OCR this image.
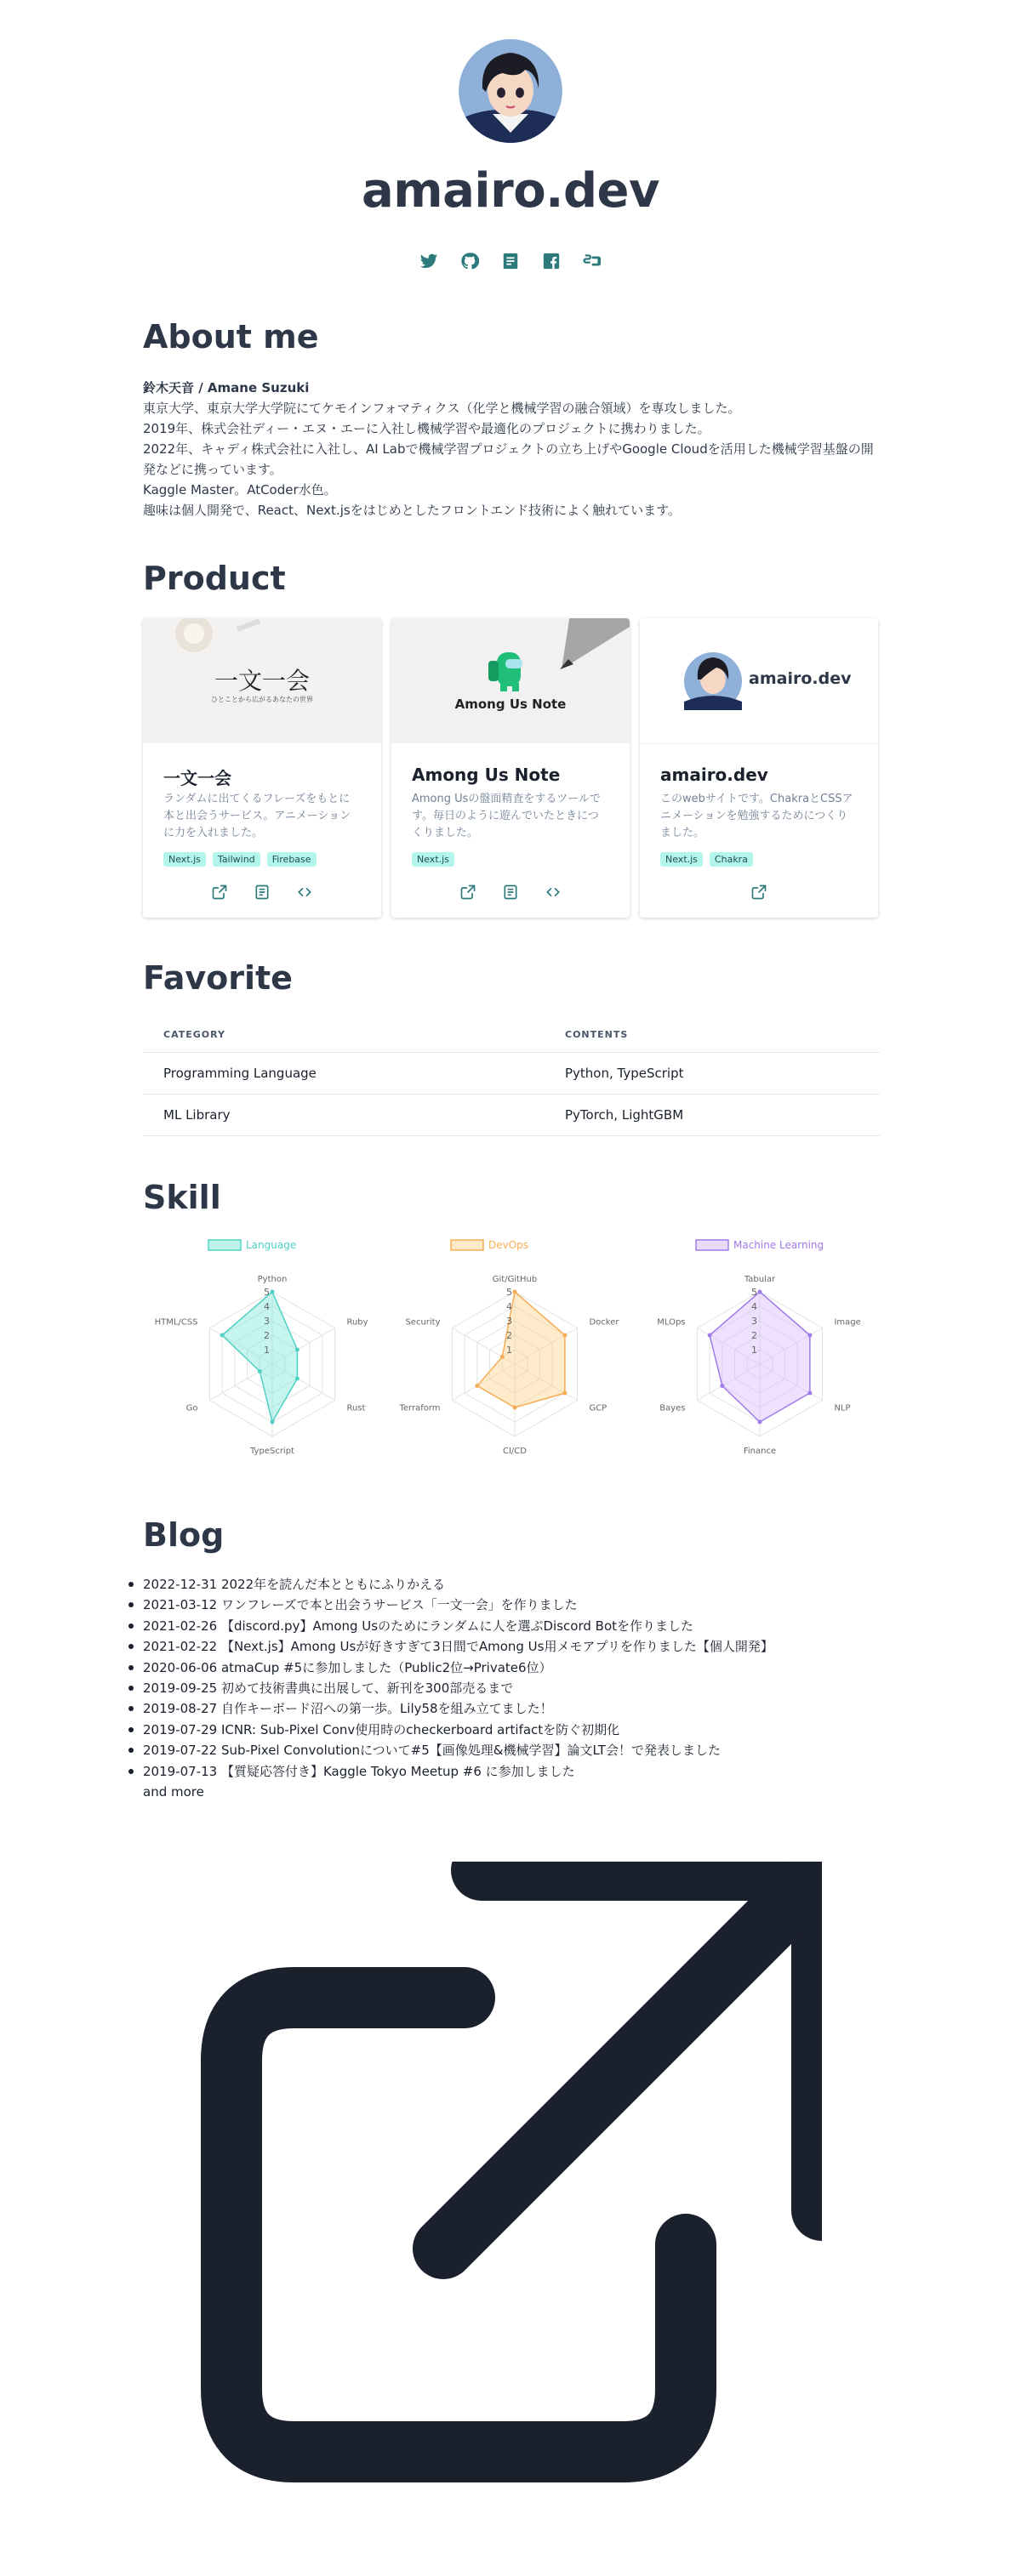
amairo.dev
About me

鈴木天音 / Amane Suzuki

東京大学、東京大学大学院にてケモインフォマティクス（化学と機械学習の融合領域）を専攻しました。

2019年、株式会社ディー・エヌ・エーに入社し機械学習や最適化のプロジェクトに携わりました。

2022年、キャディ株式会社に入社し、AI Labで機械学習プロジェクトの立ち上げやGoogle Cloudを活用した機械学習基盤の開発などに携っています。

Kaggle Master。AtCoder水色。

趣味は個人開発で、React、Next.jsをはじめとしたフロントエンド技術によく触れています。

Product
一文一会
ひとことから広がるあなたの世界
一文一会
ランダムに出てくるフレーズをもとに本と出会うサービス。アニメーションに力を入れました。
Next.js	Tailwind	Firebase
Among Us Note
Among Us Note
Among Usの盤面精査をするツールです。毎日のように遊んでいたときにつくりました。
Next.js
amairo.dev
amairo.dev
このwebサイトです。ChakraとCSSアニメーションを勉強するためにつくりました。
Next.js	Chakra
Favorite
CATEGORY	CONTENTS
Programming Language	Python, TypeScript
ML Library	PyTorch, LightGBM
Skill
Language
1
2
3
4
5
Python
Ruby
Rust
TypeScript
Go
HTML/CSS
DevOps
1
2
3
4
5
Git/GitHub
Docker
GCP
CI/CD
Terraform
Security
Machine Learning
1
2
3
4
5
Tabular
Image
NLP
Finance
Bayes
MLOps
Blog
2022-12-31 2022年を読んだ本とともにふりかえる
2021-03-12 ワンフレーズで本と出会うサービス「一文一会」を作りました
2021-02-26 【discord.py】Among Usのためにランダムに人を選ぶDiscord Botを作りました
2021-02-22 【Next.js】Among Usが好きすぎて3日間でAmong Us用メモアプリを作りました【個人開発】
2020-06-06 atmaCup #5に参加しました（Public2位→Private6位）
2019-09-25 初めて技術書典に出展して、新刊を300部売るまで
2019-08-27 自作キーボード沼への第一歩。Lily58を組み立てました！
2019-07-29 ICNR: Sub-Pixel Conv使用時のcheckerboard artifactを防ぐ初期化
2019-07-22 Sub-Pixel Convolutionについて#5【画像処理&機械学習】論文LT会！で発表しました
2019-07-13 【質疑応答付き】Kaggle Tokyo Meetup #6 に参加しました
and more
